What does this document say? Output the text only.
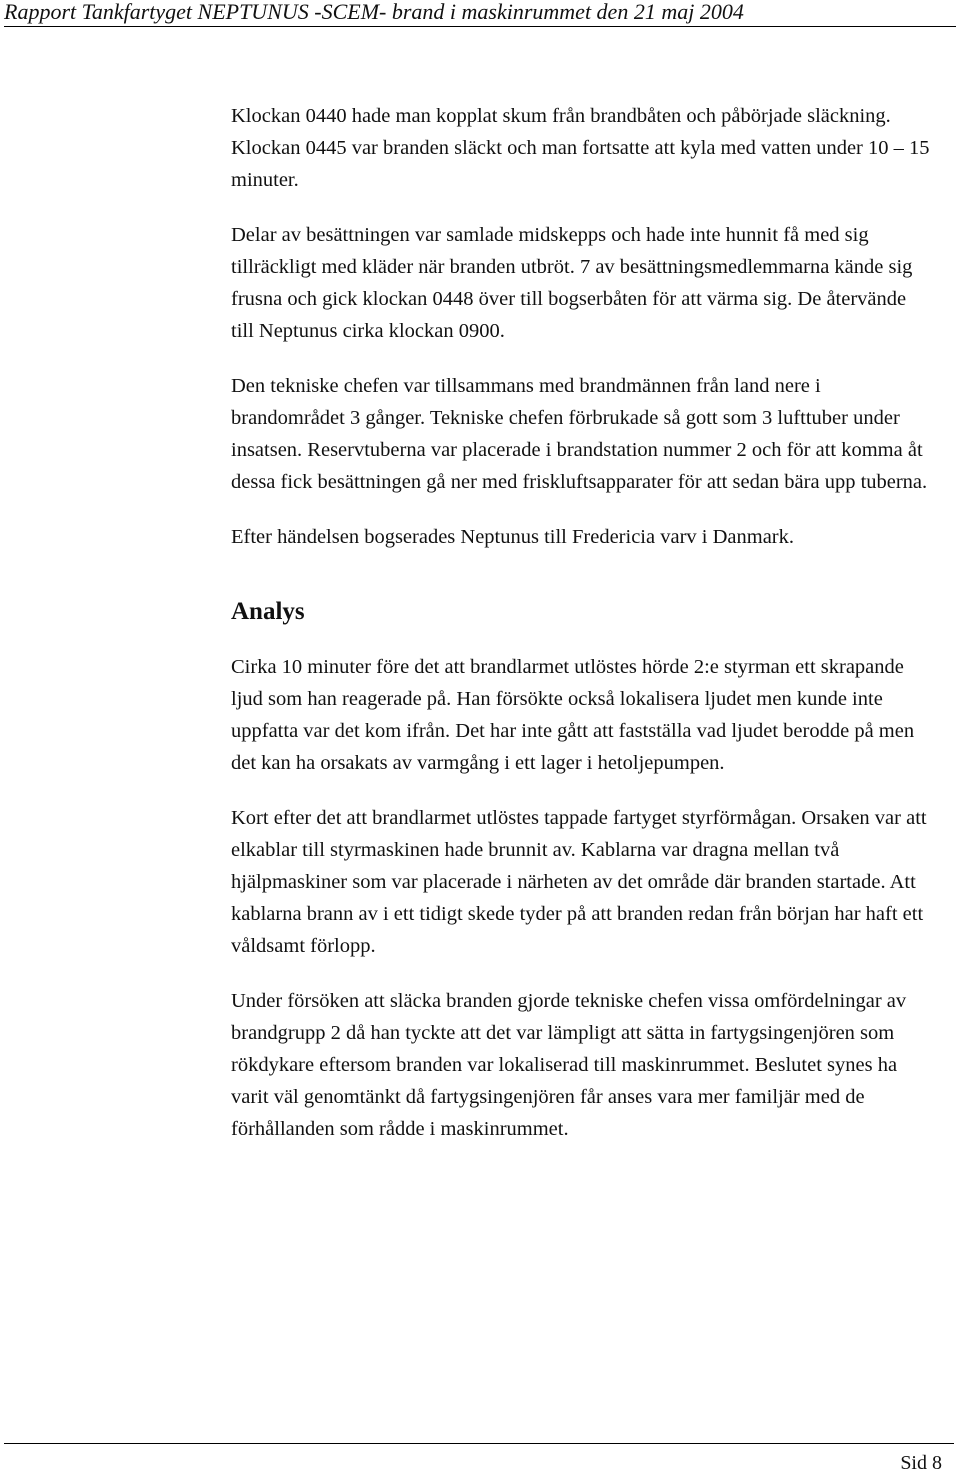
Rapport Tankfartyget NEPTUNUS -SCEM- brand i maskinrummet den 21 maj 2004

Klockan 0440 hade man kopplat skum från brandbåten och påbörjade släckning. Klockan 0445 var branden släckt och man fortsatte att kyla med vatten under 10 – 15 minuter.

Delar av besättningen var samlade midskepps och hade inte hunnit få med sig tillräckligt med kläder när branden utbröt. 7 av besättningsmedlemmarna kände sig frusna och gick klockan 0448 över till bogserbåten för att värma sig. De återvände till Neptunus cirka klockan 0900.

Den tekniske chefen var tillsammans med brandmännen från land nere i brandområdet 3 gånger. Tekniske chefen förbrukade så gott som 3 lufttuber under insatsen. Reservtuberna var placerade i brandstation nummer 2 och för att komma åt dessa fick besättningen gå ner med friskluftsapparater för att sedan bära upp tuberna.

Efter händelsen bogserades Neptunus till Fredericia varv i Danmark.

Analys

Cirka 10 minuter före det att brandlarmet utlöstes hörde 2:e styrman ett skrapande ljud som han reagerade på. Han försökte också lokalisera ljudet men kunde inte uppfatta var det kom ifrån. Det har inte gått att fastställa vad ljudet berodde på men det kan ha orsakats av varmgång i ett lager i hetoljepumpen.

Kort efter det att brandlarmet utlöstes tappade fartyget styrförmågan. Orsaken var att elkablar till styrmaskinen hade brunnit av. Kablarna var dragna mellan två hjälpmaskiner som var placerade i närheten av det område där branden startade. Att kablarna brann av i ett tidigt skede tyder på att branden redan från början har haft ett våldsamt förlopp.

Under försöken att släcka branden gjorde tekniske chefen vissa omfördelningar av brandgrupp 2 då han tyckte att det var lämpligt att sätta in fartygsingenjören som rökdykare eftersom branden var lokaliserad till maskinrummet. Beslutet synes ha varit väl genomtänkt då fartygsingenjören får anses vara mer familjär med de förhållanden som rådde i maskinrummet.

Sid 8
